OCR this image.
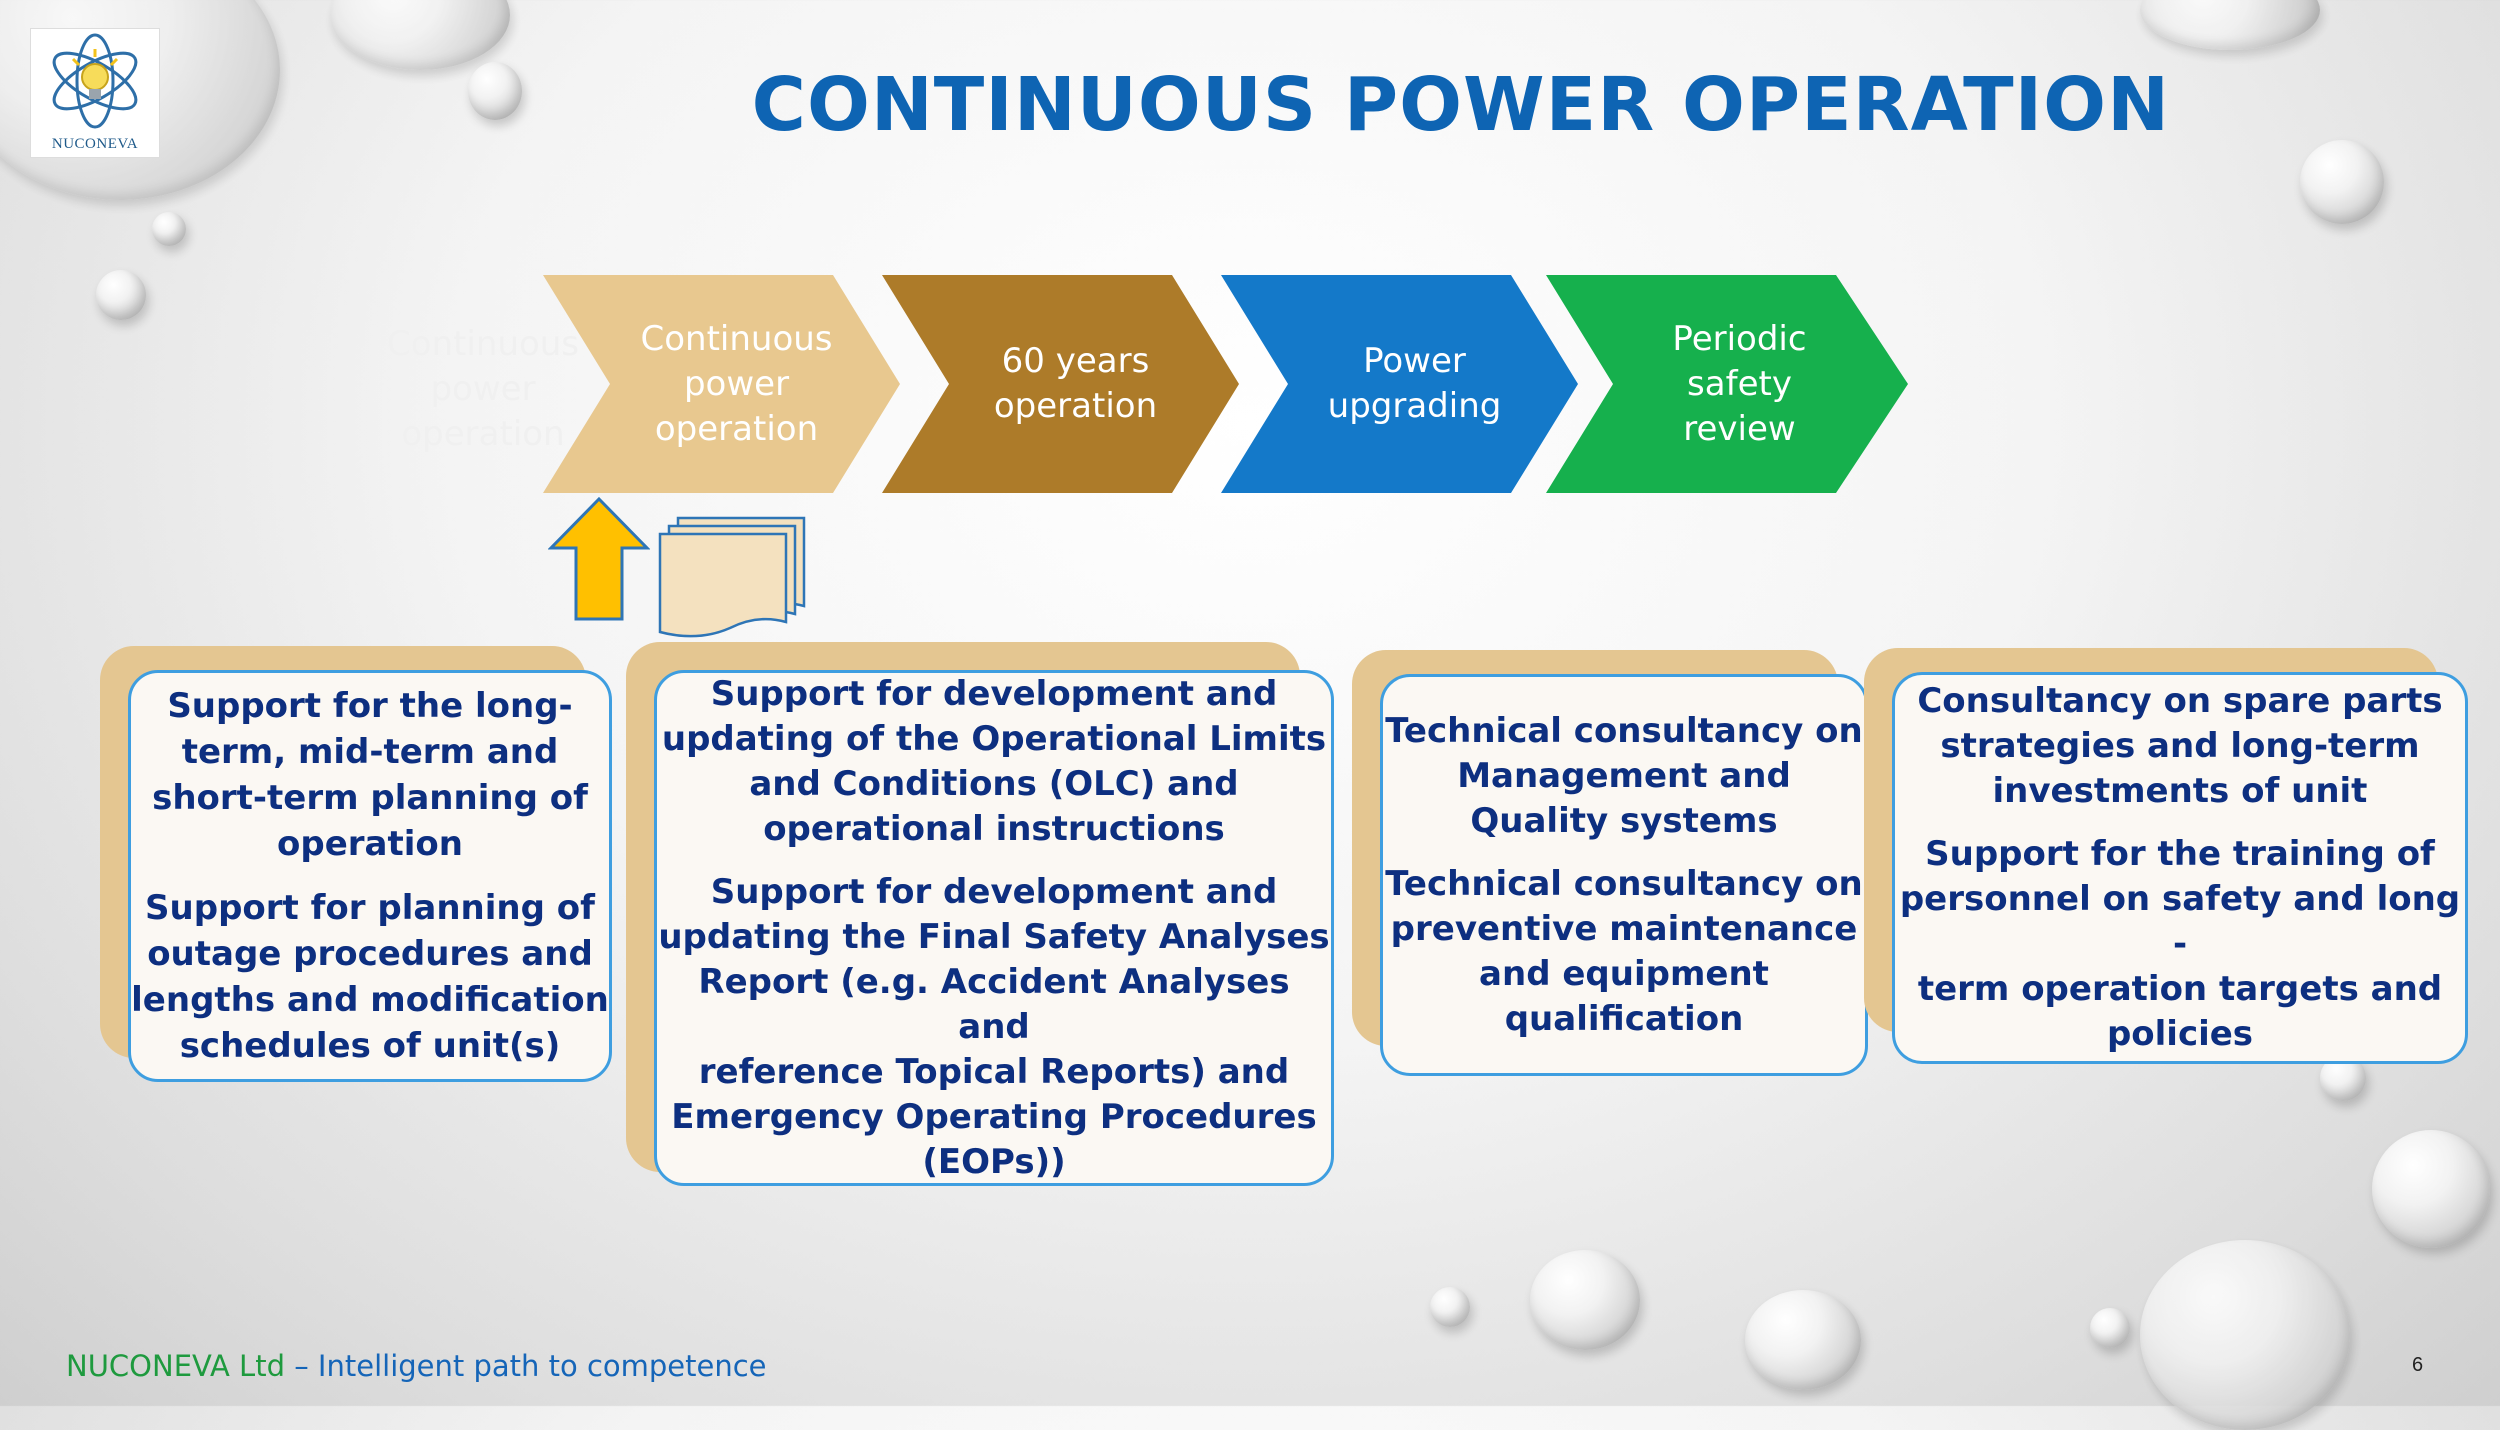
NUCONEVA	CONTINUOUS POWER OPERATION
Continuous
power
operation
Continuous
power
operation
60 years
operation
Power
upgrading
Periodic
safety
review

Support for the long-
term, mid-term and
short-term planning of
operation

Support for planning of
outage procedures and
lengths and modification
schedules of unit(s)

Support for development and
updating of the Operational Limits
and Conditions (OLC) and
operational instructions

Support for development and
updating the Final Safety Analyses
Report (e.g. Accident Analyses and
reference Topical Reports) and
Emergency Operating Procedures
(EOPs))

Technical consultancy on
Management and
Quality systems

Technical consultancy on
preventive maintenance
and equipment
qualification

Consultancy on spare parts
strategies and long-term
investments of unit

Support for the training of
personnel on safety and long -
term operation targets and
policies

NUCONEVA Ltd – Intelligent path to competence	6
